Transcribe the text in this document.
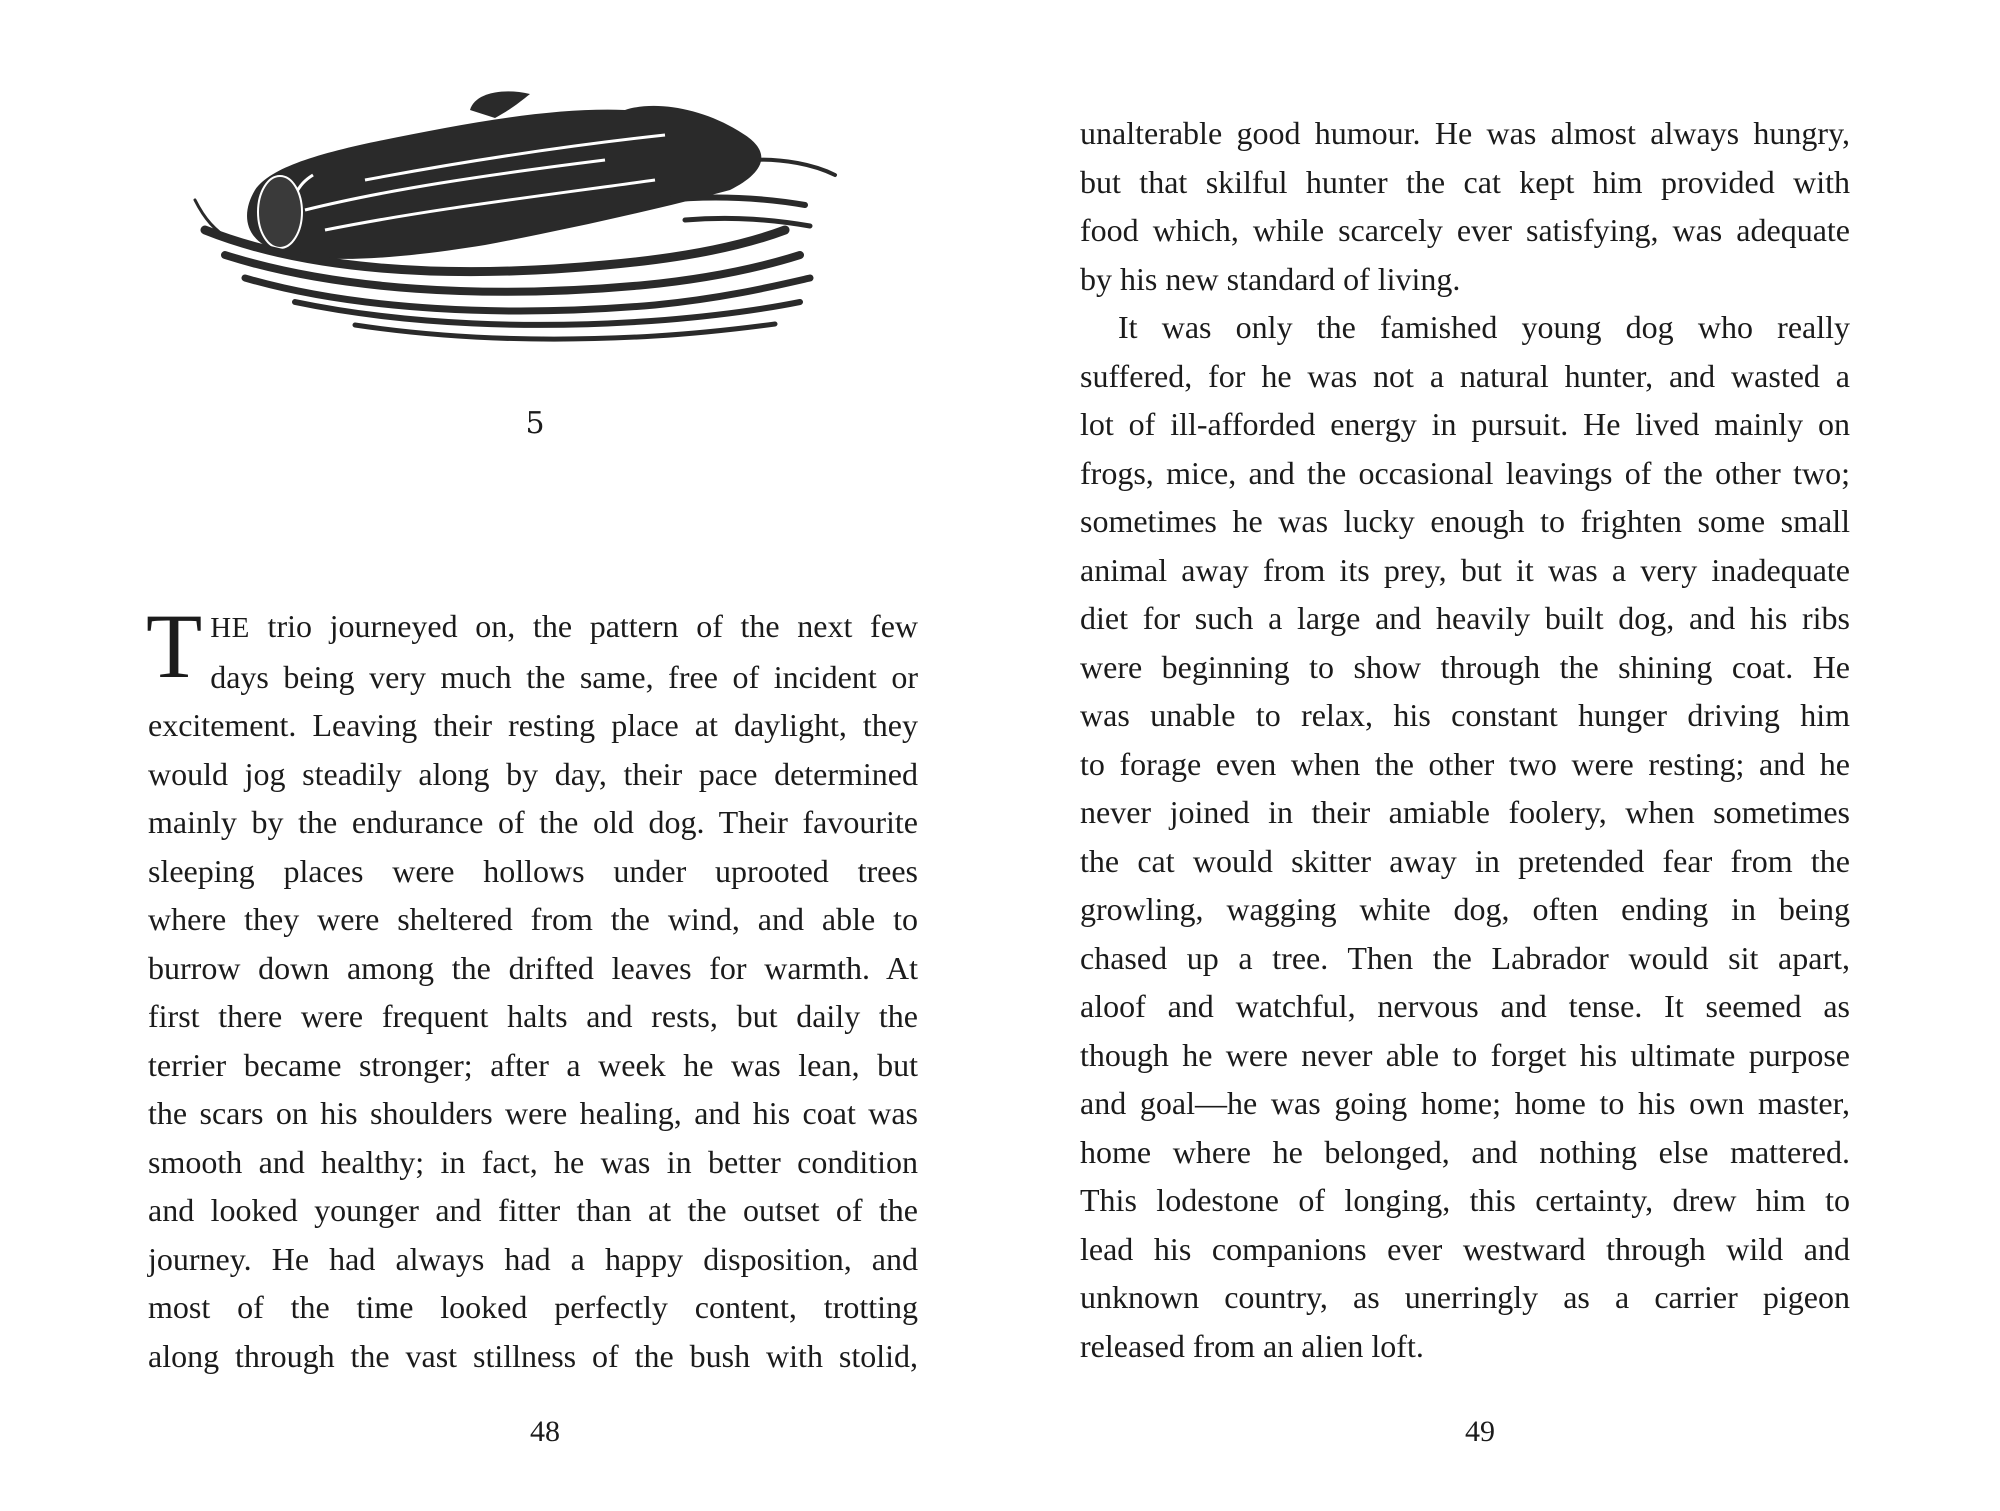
5
T HE trio journeyed on, the pattern of the next few
days being very much the same, free of incident or
excitement. Leaving their resting place at daylight, they
would jog steadily along by day, their pace determined
mainly by the endurance of the old dog. Their favourite
sleeping places were hollows under uprooted trees
where they were sheltered from the wind, and able to
burrow down among the drifted leaves for warmth. At
first there were frequent halts and rests, but daily the
terrier became stronger; after a week he was lean, but
the scars on his shoulders were healing, and his coat was
smooth and healthy; in fact, he was in better condition
and looked younger and fitter than at the outset of the
journey. He had always had a happy disposition, and
most of the time looked perfectly content, trotting
along through the vast stillness of the bush with stolid,
48
unalterable good humour. He was almost always hungry,
but that skilful hunter the cat kept him provided with
food which, while scarcely ever satisfying, was adequate
by his new standard of living.
It was only the famished young dog who really
suffered, for he was not a natural hunter, and wasted a
lot of ill-afforded energy in pursuit. He lived mainly on
frogs, mice, and the occasional leavings of the other two;
sometimes he was lucky enough to frighten some small
animal away from its prey, but it was a very inadequate
diet for such a large and heavily built dog, and his ribs
were beginning to show through the shining coat. He
was unable to relax, his constant hunger driving him
to forage even when the other two were resting; and he
never joined in their amiable foolery, when sometimes
the cat would skitter away in pretended fear from the
growling, wagging white dog, often ending in being
chased up a tree. Then the Labrador would sit apart,
aloof and watchful, nervous and tense. It seemed as
though he were never able to forget his ultimate purpose
and goal—he was going home; home to his own master,
home where he belonged, and nothing else mattered.
This lodestone of longing, this certainty, drew him to
lead his companions ever westward through wild and
unknown country, as unerringly as a carrier pigeon
released from an alien loft.
49
